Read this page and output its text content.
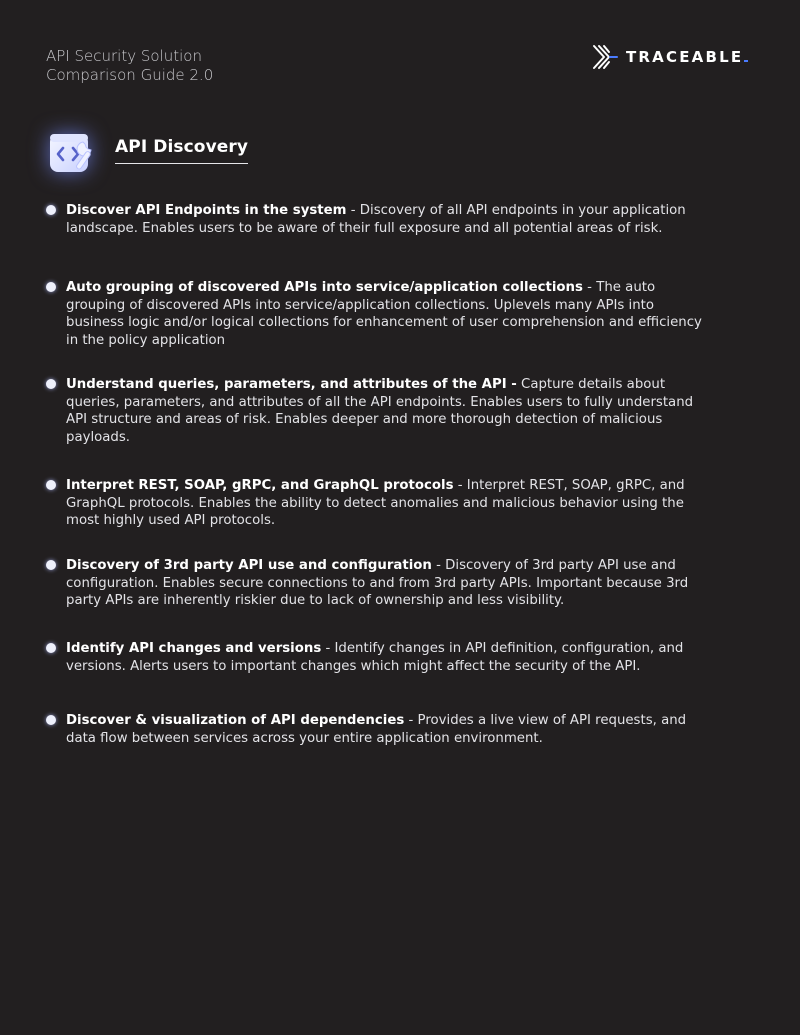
API Security Solution
Comparison Guide 2.0
TRACEABLE
API Discovery
Discover API Endpoints in the system - Discovery of all API endpoints in your application landscape. Enables users to be aware of their full exposure and all potential areas of risk.
Auto grouping of discovered APIs into service/application collections - The auto grouping of discovered APIs into service/application collections. Uplevels many APIs into business logic and/or logical collections for enhancement of user comprehension and efficiency in the policy application
Understand queries, parameters, and attributes of the API - Capture details about queries, parameters, and attributes of all the API endpoints. Enables users to fully understand API structure and areas of risk. Enables deeper and more thorough detection of malicious payloads.
Interpret REST, SOAP, gRPC, and GraphQL protocols - Interpret REST, SOAP, gRPC, and GraphQL protocols. Enables the ability to detect anomalies and malicious behavior using the most highly used API protocols.
Discovery of 3rd party API use and configuration - Discovery of 3rd party API use and configuration. Enables secure connections to and from 3rd party APIs. Important because 3rd party APIs are inherently riskier due to lack of ownership and less visibility.
Identify API changes and versions - Identify changes in API definition, configuration, and versions. Alerts users to important changes which might affect the security of the API.
Discover & visualization of API dependencies - Provides a live view of API requests, and data flow between services across your entire application environment.
